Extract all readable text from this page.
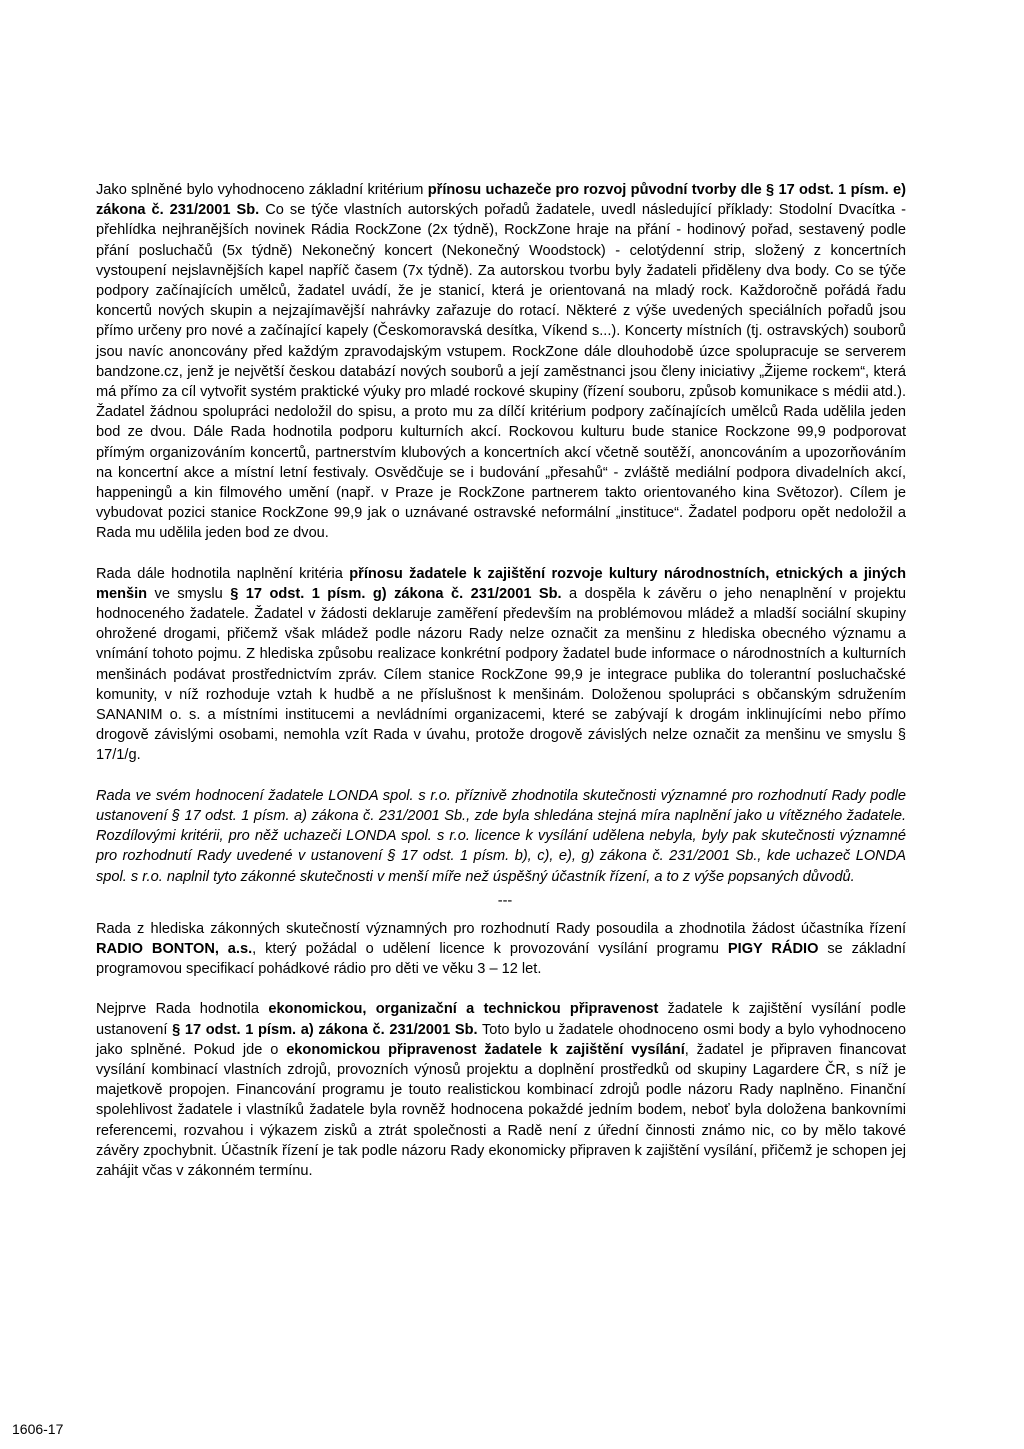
Jako splněné bylo vyhodnoceno základní kritérium přínosu uchazeče pro rozvoj původní tvorby dle § 17 odst. 1 písm. e) zákona č. 231/2001 Sb. Co se týče vlastních autorských pořadů žadatele, uvedl následující příklady: Stodolní Dvacítka - přehlídka nejhranějších novinek Rádia RockZone (2x týdně), RockZone hraje na přání - hodinový pořad, sestavený podle přání posluchačů (5x týdně) Nekonečný koncert (Nekonečný Woodstock) - celotýdenní strip, složený z koncertních vystoupení nejslavnějších kapel napříč časem (7x týdně). Za autorskou tvorbu byly žadateli přiděleny dva body. Co se týče podpory začínajících umělců, žadatel uvádí, že je stanicí, která je orientovaná na mladý rock. Každoročně pořádá řadu koncertů nových skupin a nejzajímavější nahrávky zařazuje do rotací. Některé z výše uvedených speciálních pořadů jsou přímo určeny pro nové a začínající kapely (Českomoravská desítka, Víkend s...). Koncerty místních (tj. ostravských) souborů jsou navíc anoncovány před každým zpravodajským vstupem. RockZone dále dlouhodobě úzce spolupracuje se serverem bandzone.cz, jenž je největší českou databází nových souborů a její zaměstnanci jsou členy iniciativy „Žijeme rockem“, která má přímo za cíl vytvořit systém praktické výuky pro mladé rockové skupiny (řízení souboru, způsob komunikace s médii atd.). Žadatel žádnou spolupráci nedoložil do spisu, a proto mu za dílčí kritérium podpory začínajících umělců Rada udělila jeden bod ze dvou. Dále Rada hodnotila podporu kulturních akcí. Rockovou kulturu bude stanice Rockzone 99,9 podporovat přímým organizováním koncertů, partnerstvím klubových a koncertních akcí včetně soutěží, anoncováním a upozorňováním na koncertní akce a místní letní festivaly. Osvědčuje se i budování „přesahů“ - zvláště mediální podpora divadelních akcí, happeningů a kin filmového umění (např. v Praze je RockZone partnerem takto orientovaného kina Světozor). Cílem je vybudovat pozici stanice RockZone 99,9 jak o uznávané ostravské neformální „instituce“. Žadatel podporu opět nedoložil a Rada mu udělila jeden bod ze dvou.

Rada dále hodnotila naplnění kritéria přínosu žadatele k zajištění rozvoje kultury národnostních, etnických a jiných menšin ve smyslu § 17 odst. 1 písm. g) zákona č. 231/2001 Sb. a dospěla k závěru o jeho nenaplnění v projektu hodnoceného žadatele. Žadatel v žádosti deklaruje zaměření především na problémovou mládež a mladší sociální skupiny ohrožené drogami, přičemž však mládež podle názoru Rady nelze označit za menšinu z hlediska obecného významu a vnímání tohoto pojmu. Z hlediska způsobu realizace konkrétní podpory žadatel bude informace o národnostních a kulturních menšinách podávat prostřednictvím zpráv. Cílem stanice RockZone 99,9 je integrace publika do tolerantní posluchačské komunity, v níž rozhoduje vztah k hudbě a ne příslušnost k menšinám. Doloženou spolupráci s občanským sdružením SANANIM o. s. a místními institucemi a nevládními organizacemi, které se zabývají k drogám inklinujícími nebo přímo drogově závislými osobami, nemohla vzít Rada v úvahu, protože drogově závislých nelze označit za menšinu ve smyslu § 17/1/g.

Rada ve svém hodnocení žadatele LONDA spol. s r.o. příznivě zhodnotila skutečnosti významné pro rozhodnutí Rady podle ustanovení § 17 odst. 1 písm. a) zákona č. 231/2001 Sb., zde byla shledána stejná míra naplnění jako u vítězného žadatele. Rozdílovými kritérii, pro něž uchazeči LONDA spol. s r.o. licence k vysílání udělena nebyla, byly pak skutečnosti významné pro rozhodnutí Rady uvedené v ustanovení § 17 odst. 1 písm. b), c), e), g) zákona č. 231/2001 Sb., kde uchazeč LONDA spol. s r.o. naplnil tyto zákonné skutečnosti v menší míře než úspěšný účastník řízení, a to z výše popsaných důvodů.

---

Rada z hlediska zákonných skutečností významných pro rozhodnutí Rady posoudila a zhodnotila žádost účastníka řízení RADIO BONTON, a.s., který požádal o udělení licence k provozování vysílání programu PIGY RÁDIO se základní programovou specifikací pohádkové rádio pro děti ve věku 3 – 12 let.

Nejprve Rada hodnotila ekonomickou, organizační a technickou připravenost žadatele k zajištění vysílání podle ustanovení § 17 odst. 1 písm. a) zákona č. 231/2001 Sb. Toto bylo u žadatele ohodnoceno osmi body a bylo vyhodnoceno jako splněné. Pokud jde o ekonomickou připravenost žadatele k zajištění vysílání, žadatel je připraven financovat vysílání kombinací vlastních zdrojů, provozních výnosů projektu a doplnění prostředků od skupiny Lagardere ČR, s níž je majetkově propojen. Financování programu je touto realistickou kombinací zdrojů podle názoru Rady naplněno. Finanční spolehlivost žadatele i vlastníků žadatele byla rovněž hodnocena pokaždé jedním bodem, neboť byla doložena bankovními referencemi, rozvahou i výkazem zisků a ztrát společnosti a Radě není z úřední činnosti známo nic, co by mělo takové závěry zpochybnit. Účastník řízení je tak podle názoru Rady ekonomicky připraven k zajištění vysílání, přičemž je schopen jej zahájit včas v zákonném termínu.

1606-17
